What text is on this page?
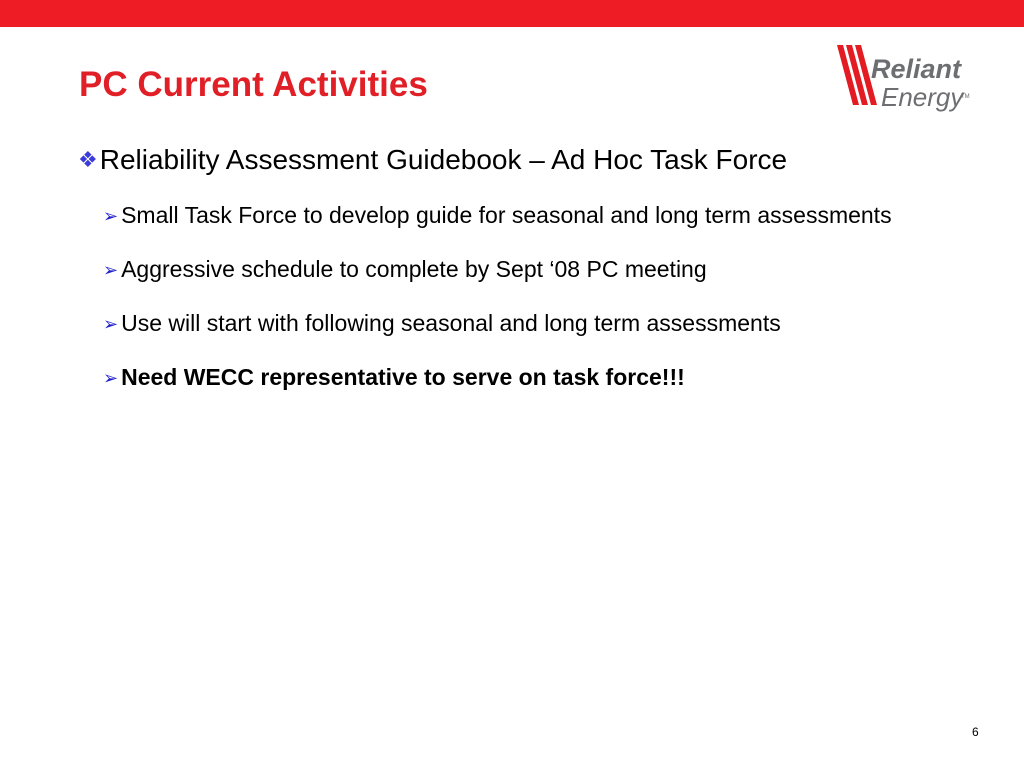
PC Current Activities	Reliant
Energy
TM
❖Reliability Assessment Guidebook – Ad Hoc Task Force
➢ Small Task Force to develop guide for seasonal and long term assessments
➢ Aggressive schedule to complete by Sept ‘08 PC meeting
➢ Use will start with following seasonal and long term assessments
➢ Need WECC representative to serve on task force!!!
6
